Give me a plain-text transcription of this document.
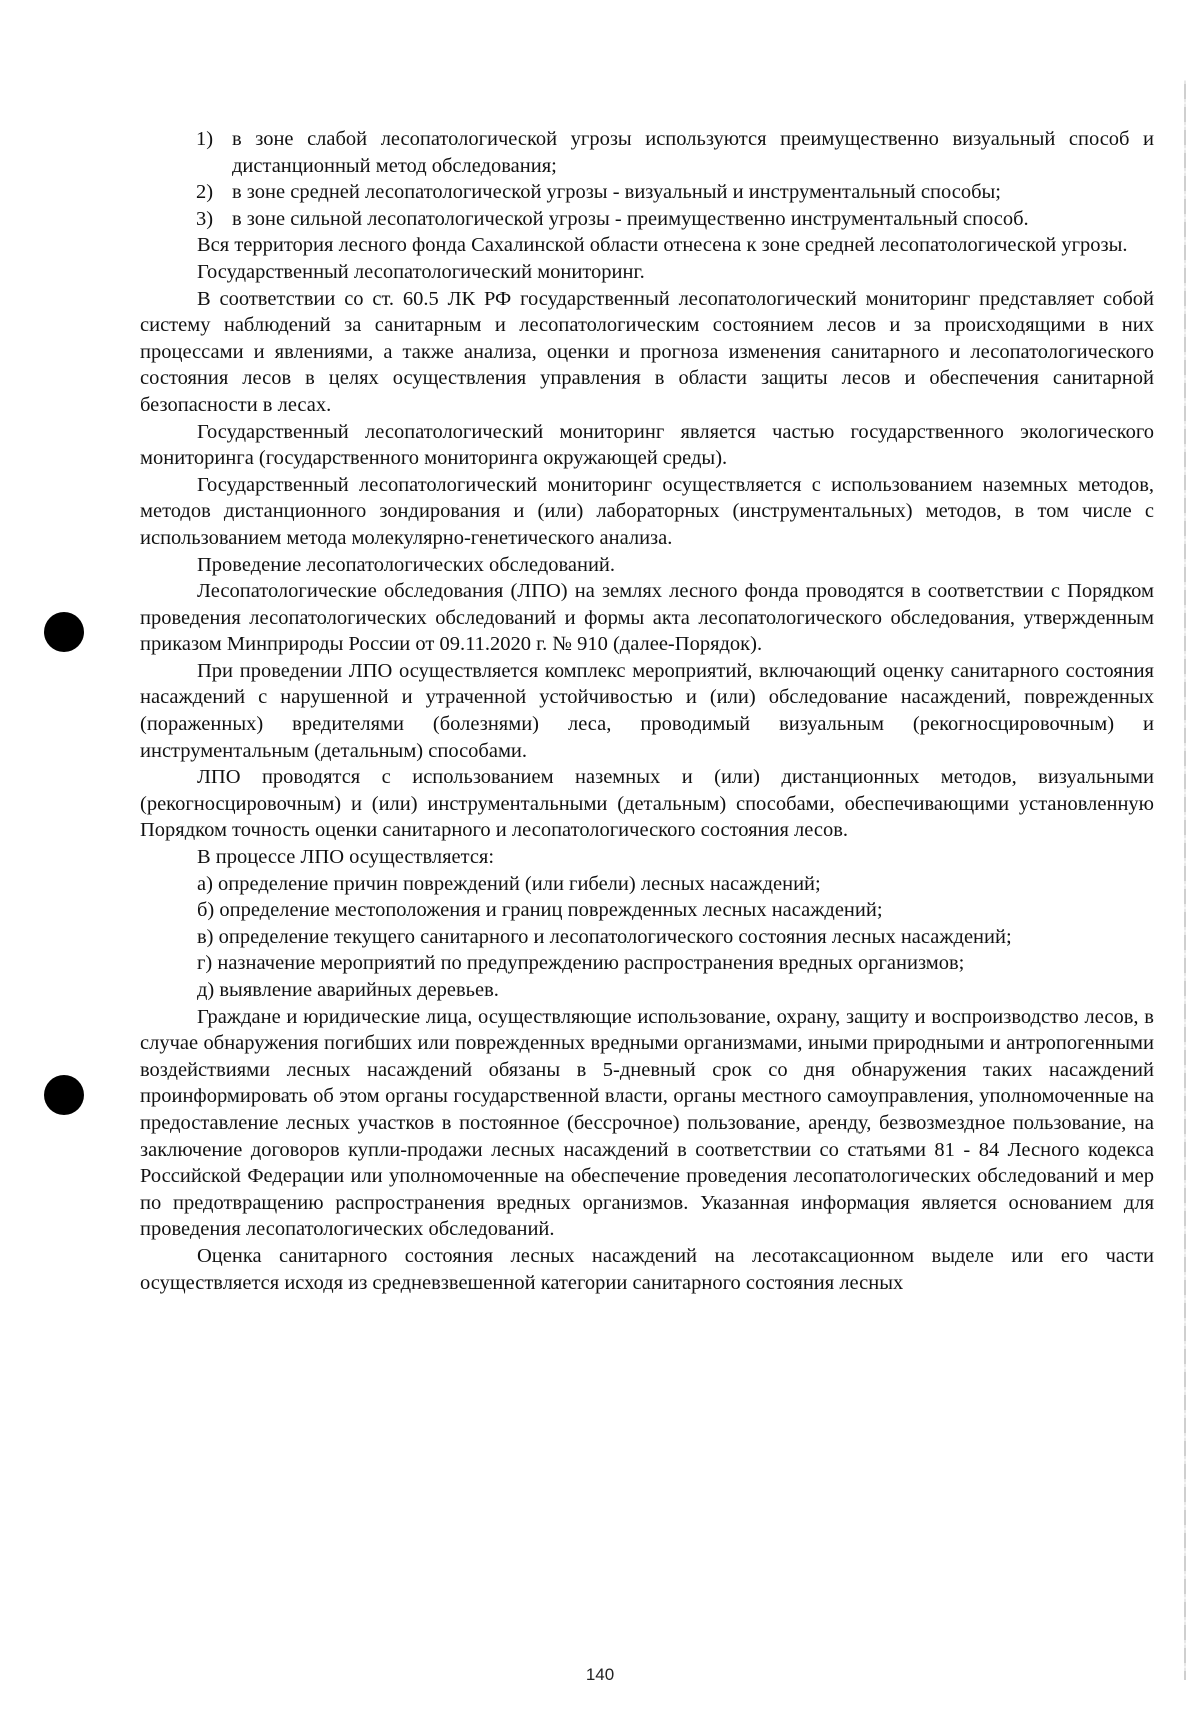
1) в зоне слабой лесопатологической угрозы используются преимущественно визуальный способ и дистанционный метод обследования;
2) в зоне средней лесопатологической угрозы - визуальный и инструментальный способы;
3) в зоне сильной лесопатологической угрозы - преимущественно инструментальный способ.

Вся территория лесного фонда Сахалинской области отнесена к зоне средней лесопатологической угрозы.

Государственный лесопатологический мониторинг.

В соответствии со ст. 60.5 ЛК РФ государственный лесопатологический мониторинг представляет собой систему наблюдений за санитарным и лесопатологическим состоянием лесов и за происходящими в них процессами и явлениями, а также анализа, оценки и прогноза изменения санитарного и лесопатологического состояния лесов в целях осуществления управления в области защиты лесов и обеспечения санитарной безопасности в лесах.

Государственный лесопатологический мониторинг является частью государственного экологического мониторинга (государственного мониторинга окружающей среды).

Государственный лесопатологический мониторинг осуществляется с использованием наземных методов, методов дистанционного зондирования и (или) лабораторных (инструментальных) методов, в том числе с использованием метода молекулярно-генетического анализа.

Проведение лесопатологических обследований.

Лесопатологические обследования (ЛПО) на землях лесного фонда проводятся в соответствии с Порядком проведения лесопатологических обследований и формы акта лесопатологического обследования, утвержденным приказом Минприроды России от 09.11.2020 г. № 910 (далее-Порядок).

При проведении ЛПО осуществляется комплекс мероприятий, включающий оценку санитарного состояния насаждений с нарушенной и утраченной устойчивостью и (или) обследование насаждений, поврежденных (пораженных) вредителями (болезнями) леса, проводимый визуальным (рекогносцировочным) и инструментальным (детальным) способами.

ЛПО проводятся с использованием наземных и (или) дистанционных методов, визуальными (рекогносцировочным) и (или) инструментальными (детальным) способами, обеспечивающими установленную Порядком точность оценки санитарного и лесопатологического состояния лесов.

В процессе ЛПО осуществляется:

а) определение причин повреждений (или гибели) лесных насаждений;

б) определение местоположения и границ поврежденных лесных насаждений;

в) определение текущего санитарного и лесопатологического состояния лесных насаждений;

г) назначение мероприятий по предупреждению распространения вредных организмов;

д) выявление аварийных деревьев.

Граждане и юридические лица, осуществляющие использование, охрану, защиту и воспроизводство лесов, в случае обнаружения погибших или поврежденных вредными организмами, иными природными и антропогенными воздействиями лесных насаждений обязаны в 5-дневный срок со дня обнаружения таких насаждений проинформировать об этом органы государственной власти, органы местного самоуправления, уполномоченные на предоставление лесных участков в постоянное (бессрочное) пользование, аренду, безвозмездное пользование, на заключение договоров купли-продажи лесных насаждений в соответствии со статьями 81 - 84 Лесного кодекса Российской Федерации или уполномоченные на обеспечение проведения лесопатологических обследований и мер по предотвращению распространения вредных организмов. Указанная информация является основанием для проведения лесопатологических обследований.

Оценка санитарного состояния лесных насаждений на лесотаксационном выделе или его части осуществляется исходя из средневзвешенной категории санитарного состояния лесных

140
